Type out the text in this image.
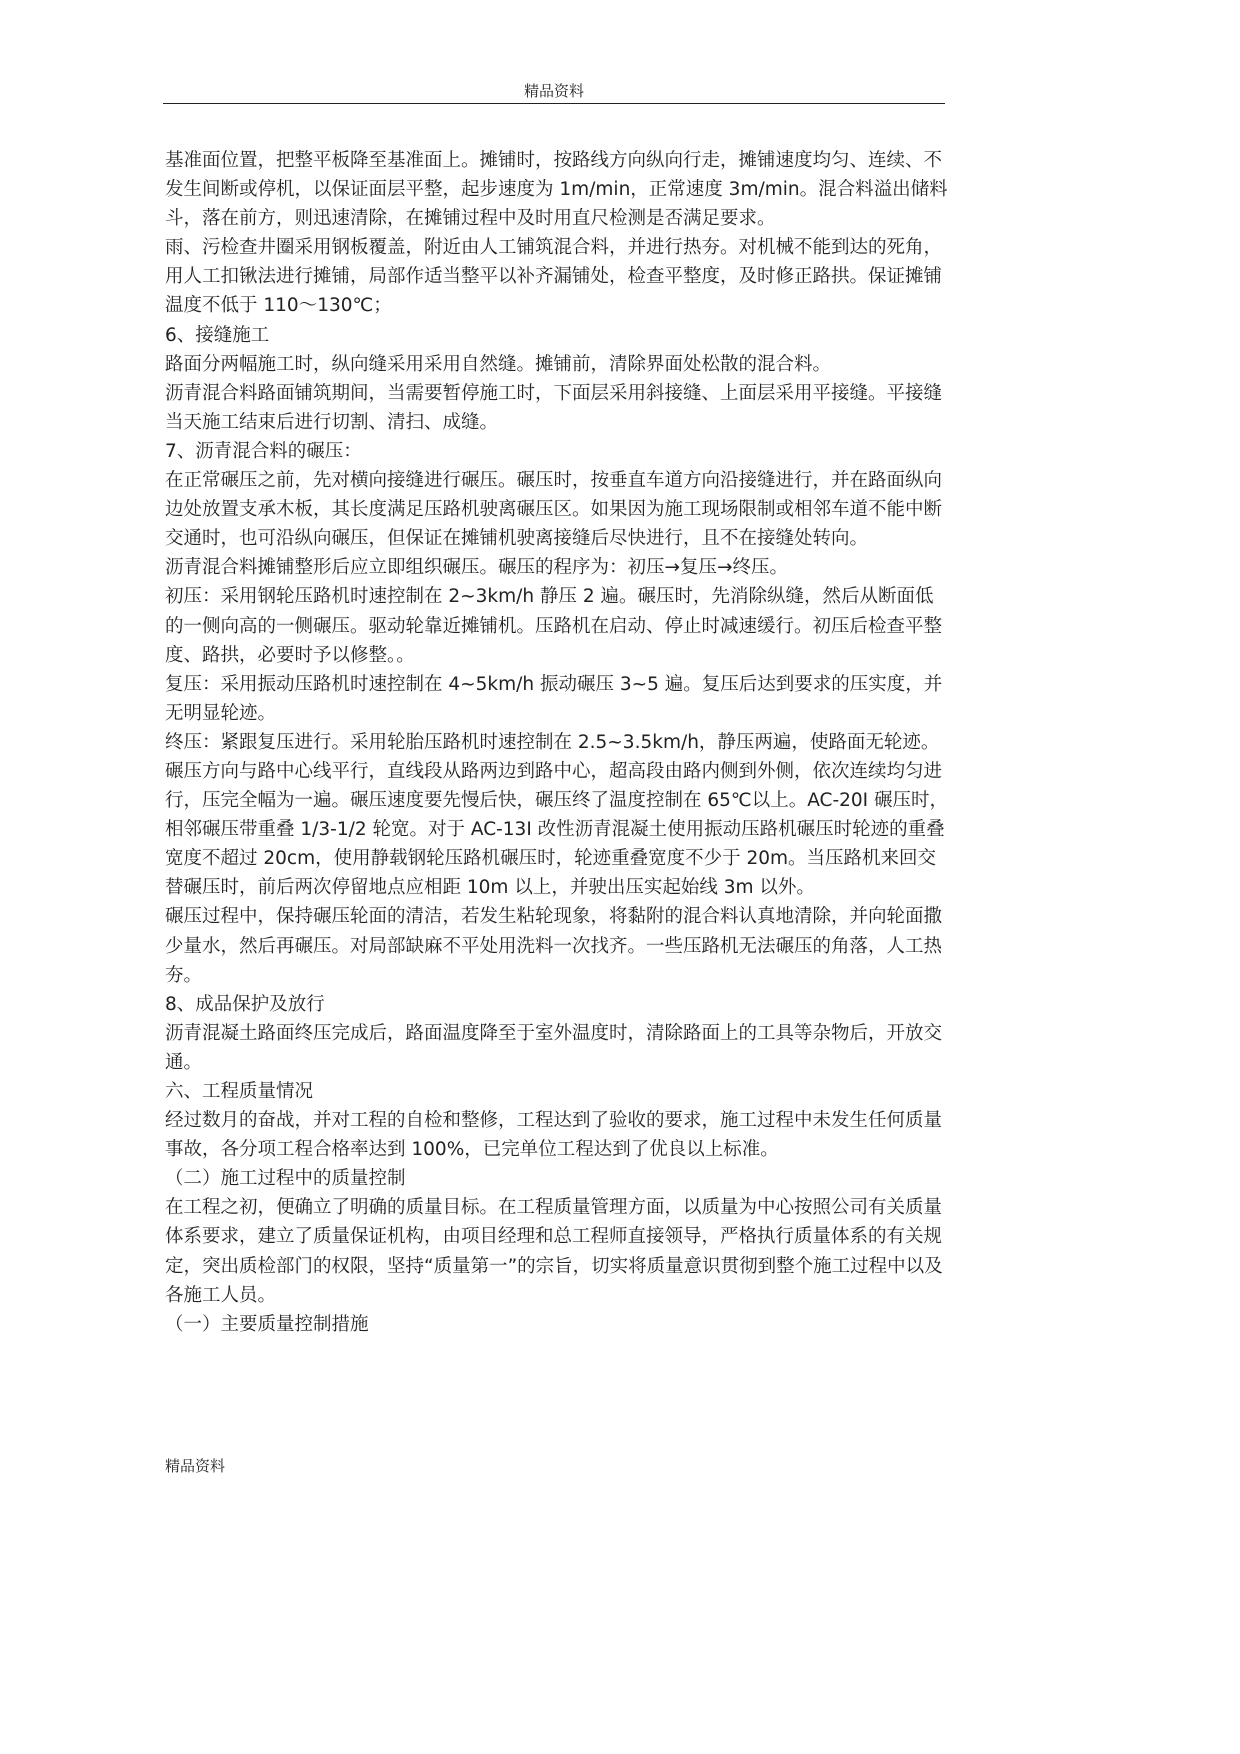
精品资料

基准面位置，把整平板降至基准面上。摊铺时，按路线方向纵向行走，摊铺速度均匀、连续、不发生间断或停机，以保证面层平整，起步速度为 1m/min，正常速度 3m/min。混合料溢出储料斗，落在前方，则迅速清除，在摊铺过程中及时用直尺检测是否满足要求。

雨、污检查井圈采用钢板覆盖，附近由人工铺筑混合料，并进行热夯。对机械不能到达的死角，用人工扣锹法进行摊铺，局部作适当整平以补齐漏铺处，检查平整度，及时修正路拱。保证摊铺温度不低于 110～130℃；

6、接缝施工

路面分两幅施工时，纵向缝采用采用自然缝。摊铺前，清除界面处松散的混合料。

沥青混合料路面铺筑期间，当需要暂停施工时，下面层采用斜接缝、上面层采用平接缝。平接缝当天施工结束后进行切割、清扫、成缝。

7、沥青混合料的碾压：

在正常碾压之前，先对横向接缝进行碾压。碾压时，按垂直车道方向沿接缝进行，并在路面纵向边处放置支承木板，其长度满足压路机驶离碾压区。如果因为施工现场限制或相邻车道不能中断交通时，也可沿纵向碾压，但保证在摊铺机驶离接缝后尽快进行，且不在接缝处转向。

沥青混合料摊铺整形后应立即组织碾压。碾压的程序为：初压→复压→终压。

初压：采用钢轮压路机时速控制在 2~3km/h 静压 2 遍。碾压时，先消除纵缝，然后从断面低的一侧向高的一侧碾压。驱动轮靠近摊铺机。压路机在启动、停止时减速缓行。初压后检查平整度、路拱，必要时予以修整。。

复压：采用振动压路机时速控制在 4~5km/h 振动碾压 3~5 遍。复压后达到要求的压实度，并无明显轮迹。

终压：紧跟复压进行。采用轮胎压路机时速控制在 2.5~3.5km/h，静压两遍，使路面无轮迹。

碾压方向与路中心线平行，直线段从路两边到路中心，超高段由路内侧到外侧，依次连续均匀进行，压完全幅为一遍。碾压速度要先慢后快，碾压终了温度控制在 65℃以上。AC-20I 碾压时，相邻碾压带重叠 1/3-1/2 轮宽。对于 AC-13I 改性沥青混凝土使用振动压路机碾压时轮迹的重叠宽度不超过 20cm，使用静载钢轮压路机碾压时，轮迹重叠宽度不少于 20m。当压路机来回交替碾压时，前后两次停留地点应相距 10m 以上，并驶出压实起始线 3m 以外。

碾压过程中，保持碾压轮面的清洁，若发生粘轮现象，将黏附的混合料认真地清除，并向轮面撒少量水，然后再碾压。对局部缺麻不平处用洗料一次找齐。一些压路机无法碾压的角落，人工热夯。

8、成品保护及放行

沥青混凝土路面终压完成后，路面温度降至于室外温度时，清除路面上的工具等杂物后，开放交通。

六、工程质量情况

经过数月的奋战，并对工程的自检和整修，工程达到了验收的要求，施工过程中未发生任何质量事故，各分项工程合格率达到 100%，已完单位工程达到了优良以上标准。

（二）施工过程中的质量控制

在工程之初，便确立了明确的质量目标。在工程质量管理方面，以质量为中心按照公司有关质量体系要求，建立了质量保证机构，由项目经理和总工程师直接领导，严格执行质量体系的有关规定，突出质检部门的权限，坚持“质量第一”的宗旨，切实将质量意识贯彻到整个施工过程中以及各施工人员。

（一）主要质量控制措施

精品资料
